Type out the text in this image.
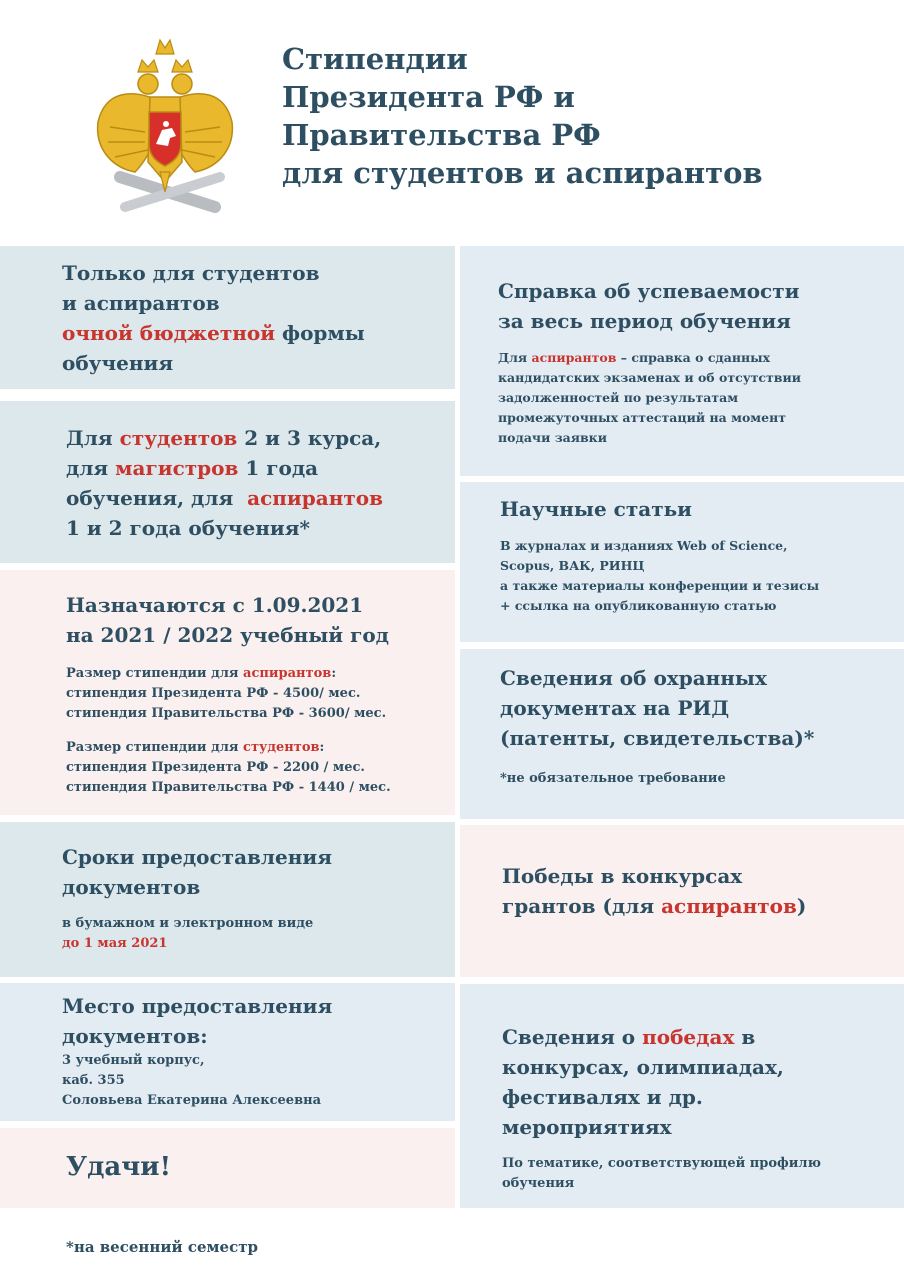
Стипендии
Президента РФ и
Правительства РФ
для студентов и аспирантов
Только для студентов
и аспирантов
очной бюджетной формы
обучения
Для студентов 2 и 3 курса,
для магистров 1 года
обучения, для  аспирантов
1 и 2 года обучения*
Назначаются с 1.09.2021
на 2021 / 2022 учебный год
Размер стипендии для аспирантов:
стипендия Президента РФ - 4500/ мес.
стипендия Правительства РФ - 3600/ мес.
Размер стипендии для студентов:
стипендия Президента РФ - 2200 / мес.
стипендия Правительства РФ - 1440 / мес.
Сроки предоставления
документов
в бумажном и электронном виде
до 1 мая 2021
Место предоставления
документов:
3 учебный корпус,
каб. 355
Соловьева Екатерина Алексеевна
Удачи!
Справка об успеваемости
за весь период обучения
Для аспирантов – справка о сданных
кандидатских экзаменах и об отсутствии
задолженностей по результатам
промежуточных аттестаций на момент
подачи заявки
Научные статьи
В журналах и изданиях Web of Science,
Scopus, ВАК, РИНЦ
а также материалы конференции и тезисы
+ ссылка на опубликованную статью
Сведения об охранных
документах на РИД
(патенты, свидетельства)*
*не обязательное требование
Победы в конкурсах
грантов (для аспирантов)
Сведения о победах в
конкурсах, олимпиадах,
фестивалях и др.
мероприятиях
По тематике, соответствующей профилю
обучения
*на весенний семестр
